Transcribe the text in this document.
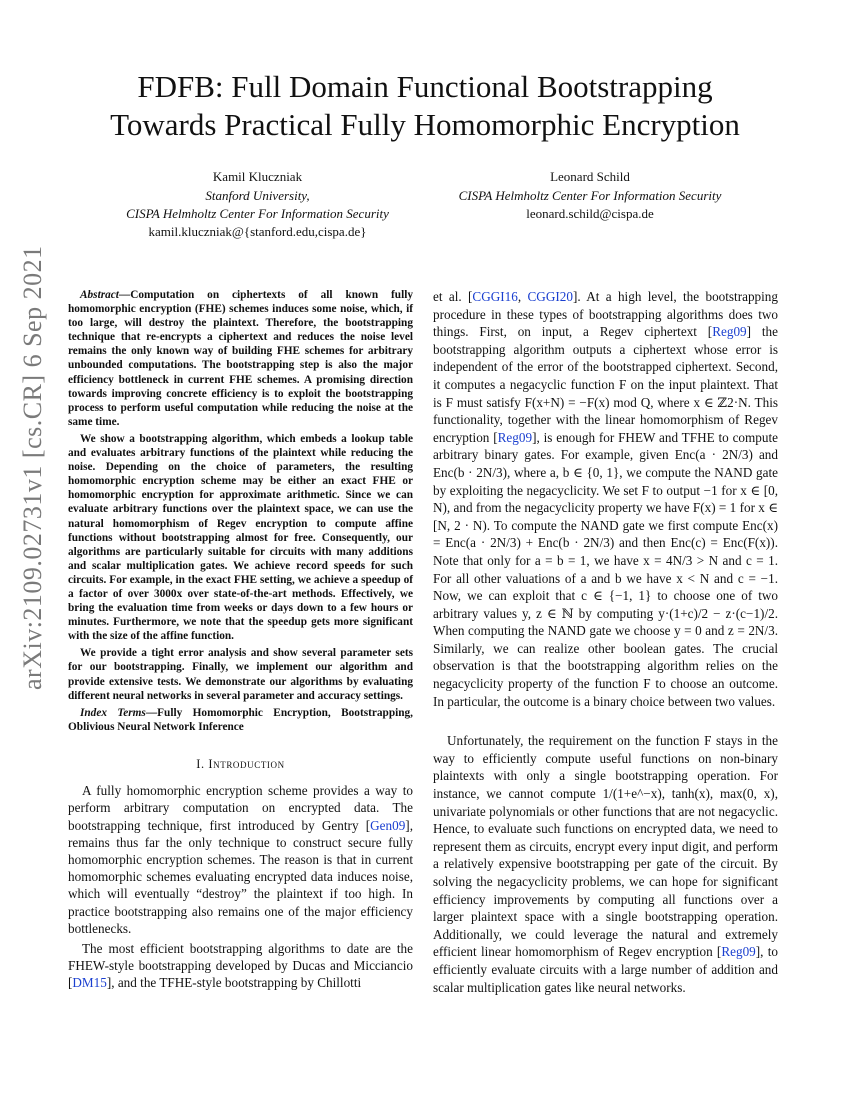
arXiv:2109.02731v1 [cs.CR] 6 Sep 2021
FDFB: Full Domain Functional Bootstrapping
Towards Practical Fully Homomorphic Encryption
Kamil Kluczniak
Stanford University,
CISPA Helmholtz Center For Information Security
kamil.kluczniak@{stanford.edu,cispa.de}
Leonard Schild
CISPA Helmholtz Center For Information Security
leonard.schild@cispa.de

Abstract—Computation on ciphertexts of all known fully homomorphic encryption (FHE) schemes induces some noise, which, if too large, will destroy the plaintext. Therefore, the bootstrapping technique that re-encrypts a ciphertext and reduces the noise level remains the only known way of building FHE schemes for arbitrary unbounded computations. The bootstrapping step is also the major efficiency bottleneck in current FHE schemes. A promising direction towards improving concrete efficiency is to exploit the bootstrapping process to perform useful computation while reducing the noise at the same time.

We show a bootstrapping algorithm, which embeds a lookup table and evaluates arbitrary functions of the plaintext while reducing the noise. Depending on the choice of parameters, the resulting homomorphic encryption scheme may be either an exact FHE or homomorphic encryption for approximate arithmetic. Since we can evaluate arbitrary functions over the plaintext space, we can use the natural homomorphism of Regev encryption to compute affine functions without bootstrapping almost for free. Consequently, our algorithms are particularly suitable for circuits with many additions and scalar multiplication gates. We achieve record speeds for such circuits. For example, in the exact FHE setting, we achieve a speedup of a factor of over 3000x over state-of-the-art methods. Effectively, we bring the evaluation time from weeks or days down to a few hours or minutes. Furthermore, we note that the speedup gets more significant with the size of the affine function.

We provide a tight error analysis and show several parameter sets for our bootstrapping. Finally, we implement our algorithm and provide extensive tests. We demonstrate our algorithms by evaluating different neural networks in several parameter and accuracy settings.

Index Terms—Fully Homomorphic Encryption, Bootstrapping, Oblivious Neural Network Inference
I. Introduction

A fully homomorphic encryption scheme provides a way to perform arbitrary computation on encrypted data. The bootstrapping technique, first introduced by Gentry [Gen09], remains thus far the only technique to construct secure fully homomorphic encryption schemes. The reason is that in current homomorphic schemes evaluating encrypted data induces noise, which will eventually “destroy” the plaintext if too high. In practice bootstrapping also remains one of the major efficiency bottlenecks.

The most efficient bootstrapping algorithms to date are the FHEW-style bootstrapping developed by Ducas and Micciancio [DM15], and the TFHE-style bootstrapping by Chillotti

et al. [CGGI16, CGGI20]. At a high level, the bootstrapping procedure in these types of bootstrapping algorithms does two things. First, on input, a Regev ciphertext [Reg09] the bootstrapping algorithm outputs a ciphertext whose error is independent of the error of the bootstrapped ciphertext. Second, it computes a negacyclic function F on the input plaintext. That is F must satisfy F(x+N) = −F(x) mod Q, where x ∈ ℤ2·N. This functionality, together with the linear homomorphism of Regev encryption [Reg09], is enough for FHEW and TFHE to compute arbitrary binary gates. For example, given Enc(a · 2N/3) and Enc(b · 2N/3), where a, b ∈ {0, 1}, we compute the NAND gate by exploiting the negacyclicity. We set F to output −1 for x ∈ [0, N), and from the negacyclicity property we have F(x) = 1 for x ∈ [N, 2 · N). To compute the NAND gate we first compute Enc(x) = Enc(a · 2N/3) + Enc(b · 2N/3) and then Enc(c) = Enc(F(x)). Note that only for a = b = 1, we have x = 4N/3 > N and c = 1. For all other valuations of a and b we have x < N and c = −1. Now, we can exploit that c ∈ {−1, 1} to choose one of two arbitrary values y, z ∈ ℕ by computing y·(1+c)/2 − z·(c−1)/2. When computing the NAND gate we choose y = 0 and z = 2N/3. Similarly, we can realize other boolean gates. The crucial observation is that the bootstrapping algorithm relies on the negacyclicity property of the function F to choose an outcome. In particular, the outcome is a binary choice between two values.

Unfortunately, the requirement on the function F stays in the way to efficiently compute useful functions on non-binary plaintexts with only a single bootstrapping operation. For instance, we cannot compute 1/(1+e^−x), tanh(x), max(0, x), univariate polynomials or other functions that are not negacyclic. Hence, to evaluate such functions on encrypted data, we need to represent them as circuits, encrypt every input digit, and perform a relatively expensive bootstrapping per gate of the circuit. By solving the negacyclicity problems, we can hope for significant efficiency improvements by computing all functions over a larger plaintext space with a single bootstrapping operation. Additionally, we could leverage the natural and extremely efficient linear homomorphism of Regev encryption [Reg09], to efficiently evaluate circuits with a large number of addition and scalar multiplication gates like neural networks.
